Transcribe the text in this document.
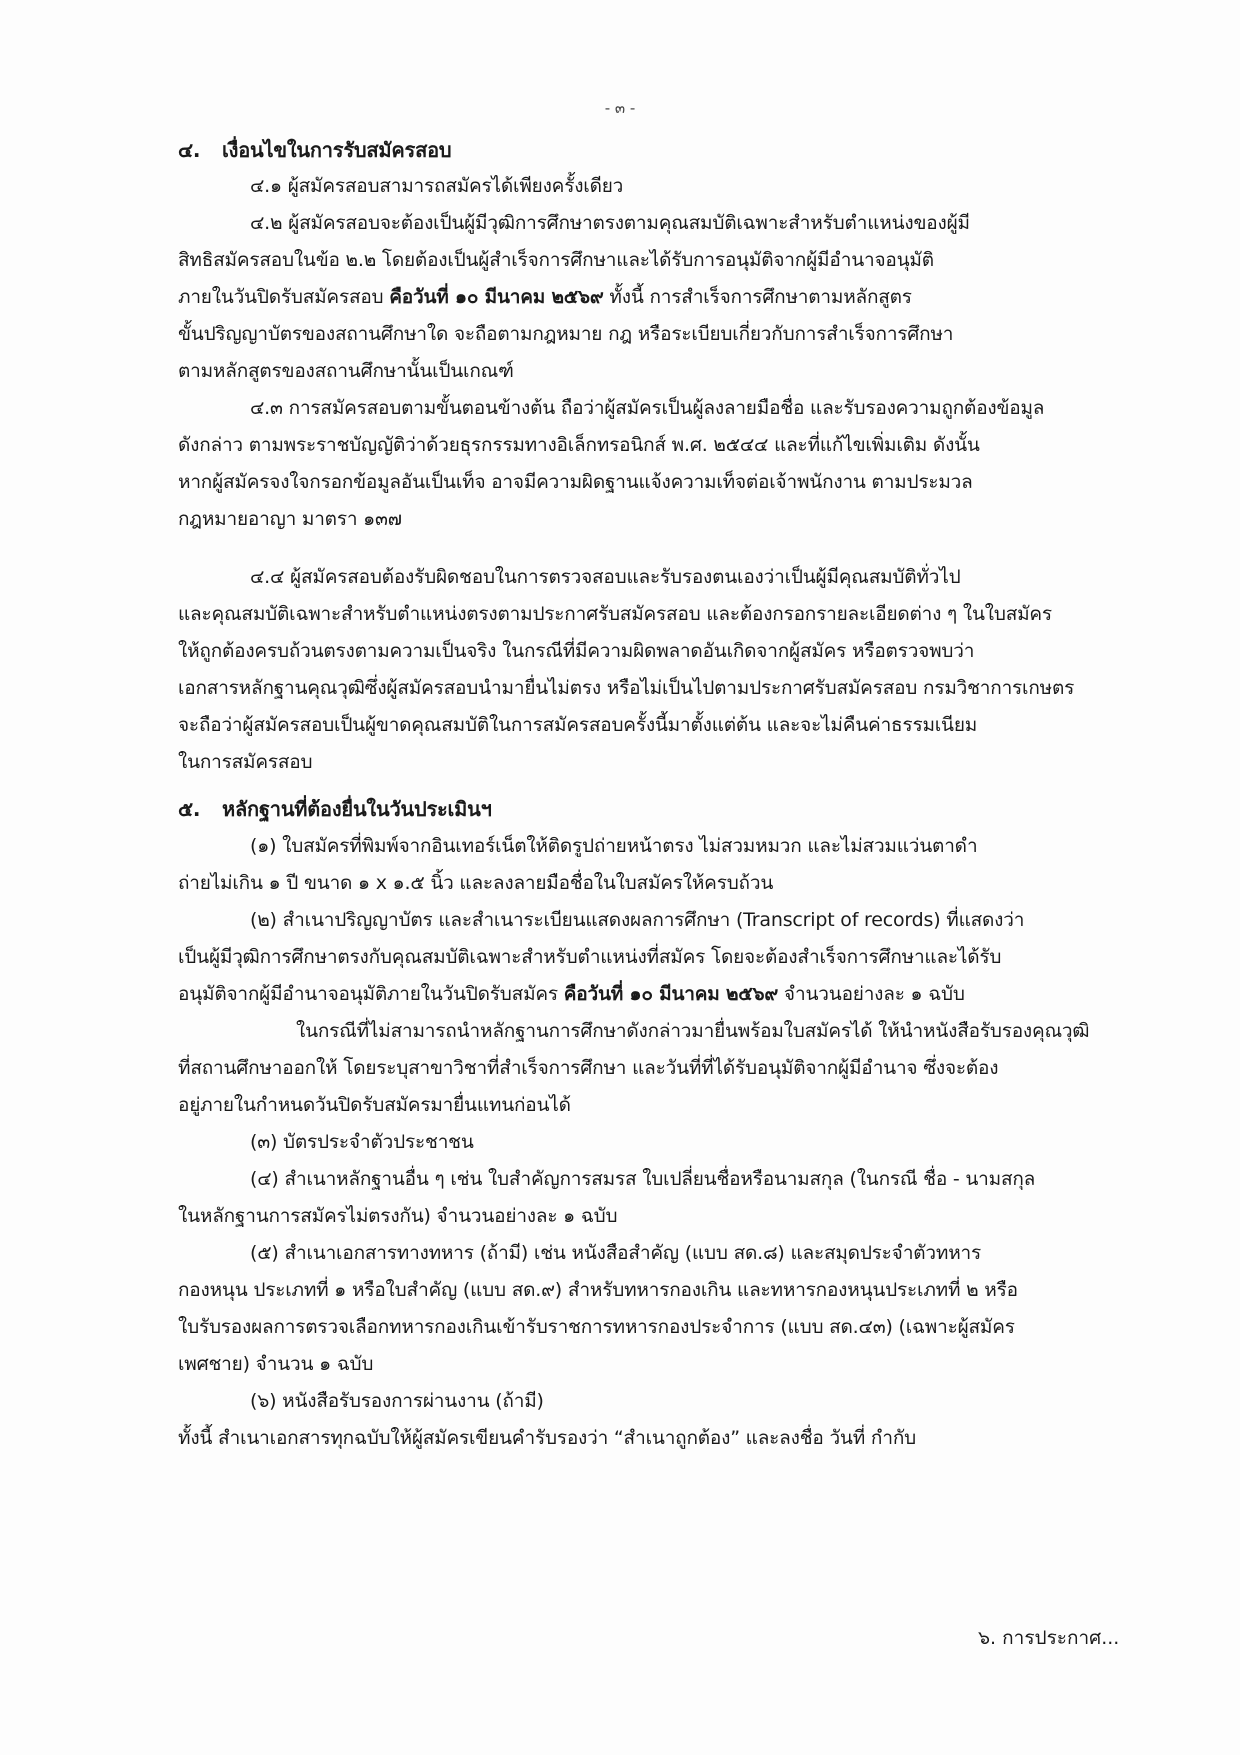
- ๓ -
๔. เงื่อนไขในการรับสมัครสอบ
๔.๑ ผู้สมัครสอบสามารถสมัครได้เพียงครั้งเดียว
๔.๒ ผู้สมัครสอบจะต้องเป็นผู้มีวุฒิการศึกษาตรงตามคุณสมบัติเฉพาะสำหรับตำแหน่งของผู้มี
สิทธิสมัครสอบในข้อ ๒.๒ โดยต้องเป็นผู้สำเร็จการศึกษาและได้รับการอนุมัติจากผู้มีอำนาจอนุมัติ
ภายในวันปิดรับสมัครสอบ คือวันที่ ๑๐ มีนาคม ๒๕๖๙ ทั้งนี้ การสำเร็จการศึกษาตามหลักสูตร
ขั้นปริญญาบัตรของสถานศึกษาใด จะถือตามกฎหมาย กฎ หรือระเบียบเกี่ยวกับการสำเร็จการศึกษา
ตามหลักสูตรของสถานศึกษานั้นเป็นเกณฑ์
๔.๓ การสมัครสอบตามขั้นตอนข้างต้น ถือว่าผู้สมัครเป็นผู้ลงลายมือชื่อ และรับรองความถูกต้องข้อมูล
ดังกล่าว ตามพระราชบัญญัติว่าด้วยธุรกรรมทางอิเล็กทรอนิกส์ พ.ศ. ๒๕๔๔ และที่แก้ไขเพิ่มเติม ดังนั้น
หากผู้สมัครจงใจกรอกข้อมูลอันเป็นเท็จ อาจมีความผิดฐานแจ้งความเท็จต่อเจ้าพนักงาน ตามประมวล
กฎหมายอาญา มาตรา ๑๓๗
๔.๔ ผู้สมัครสอบต้องรับผิดชอบในการตรวจสอบและรับรองตนเองว่าเป็นผู้มีคุณสมบัติทั่วไป
และคุณสมบัติเฉพาะสำหรับตำแหน่งตรงตามประกาศรับสมัครสอบ และต้องกรอกรายละเอียดต่าง ๆ ในใบสมัคร
ให้ถูกต้องครบถ้วนตรงตามความเป็นจริง ในกรณีที่มีความผิดพลาดอันเกิดจากผู้สมัคร หรือตรวจพบว่า
เอกสารหลักฐานคุณวุฒิซึ่งผู้สมัครสอบนำมายื่นไม่ตรง หรือไม่เป็นไปตามประกาศรับสมัครสอบ กรมวิชาการเกษตร
จะถือว่าผู้สมัครสอบเป็นผู้ขาดคุณสมบัติในการสมัครสอบครั้งนี้มาตั้งแต่ต้น และจะไม่คืนค่าธรรมเนียม
ในการสมัครสอบ
๕. หลักฐานที่ต้องยื่นในวันประเมินฯ
(๑) ใบสมัครที่พิมพ์จากอินเทอร์เน็ตให้ติดรูปถ่ายหน้าตรง ไม่สวมหมวก และไม่สวมแว่นตาดำ
ถ่ายไม่เกิน ๑ ปี ขนาด ๑ x ๑.๕ นิ้ว และลงลายมือชื่อในใบสมัครให้ครบถ้วน
(๒) สำเนาปริญญาบัตร และสำเนาระเบียนแสดงผลการศึกษา (Transcript of records) ที่แสดงว่า
เป็นผู้มีวุฒิการศึกษาตรงกับคุณสมบัติเฉพาะสำหรับตำแหน่งที่สมัคร โดยจะต้องสำเร็จการศึกษาและได้รับ
อนุมัติจากผู้มีอำนาจอนุมัติภายในวันปิดรับสมัคร คือวันที่ ๑๐ มีนาคม ๒๕๖๙ จำนวนอย่างละ ๑ ฉบับ
ในกรณีที่ไม่สามารถนำหลักฐานการศึกษาดังกล่าวมายื่นพร้อมใบสมัครได้ ให้นำหนังสือรับรองคุณวุฒิ
ที่สถานศึกษาออกให้ โดยระบุสาขาวิชาที่สำเร็จการศึกษา และวันที่ที่ได้รับอนุมัติจากผู้มีอำนาจ ซึ่งจะต้อง
อยู่ภายในกำหนดวันปิดรับสมัครมายื่นแทนก่อนได้
(๓) บัตรประจำตัวประชาชน
(๔) สำเนาหลักฐานอื่น ๆ เช่น ใบสำคัญการสมรส ใบเปลี่ยนชื่อหรือนามสกุล (ในกรณี ชื่อ - นามสกุล
ในหลักฐานการสมัครไม่ตรงกัน) จำนวนอย่างละ ๑ ฉบับ
(๕) สำเนาเอกสารทางทหาร (ถ้ามี) เช่น หนังสือสำคัญ (แบบ สด.๘) และสมุดประจำตัวทหาร
กองหนุน ประเภทที่ ๑ หรือใบสำคัญ (แบบ สด.๙) สำหรับทหารกองเกิน และทหารกองหนุนประเภทที่ ๒ หรือ
ใบรับรองผลการตรวจเลือกทหารกองเกินเข้ารับราชการทหารกองประจำการ (แบบ สด.๔๓) (เฉพาะผู้สมัคร
เพศชาย) จำนวน ๑ ฉบับ
(๖) หนังสือรับรองการผ่านงาน (ถ้ามี)
ทั้งนี้ สำเนาเอกสารทุกฉบับให้ผู้สมัครเขียนคำรับรองว่า “สำเนาถูกต้อง” และลงชื่อ วันที่ กำกับ
๖. การประกาศ...
